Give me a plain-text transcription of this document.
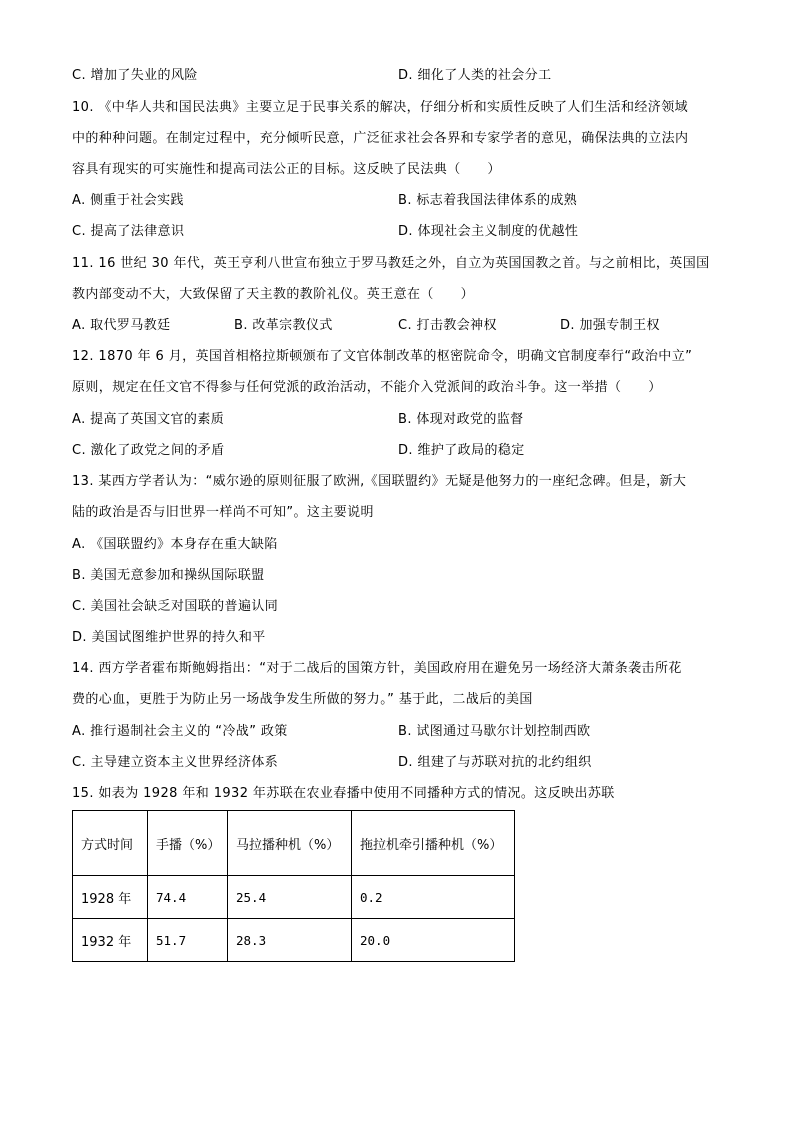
C. 增加了失业的风险	D. 细化了人类的社会分工
10. 《中华人共和国民法典》主要立足于民事关系的解决，仔细分析和实质性反映了人们生活和经济领域
中的种种问题。在制定过程中，充分倾听民意，广泛征求社会各界和专家学者的意见，确保法典的立法内
容具有现实的可实施性和提高司法公正的目标。这反映了民法典（　　）
A. 侧重于社会实践	B. 标志着我国法律体系的成熟
C. 提高了法律意识	D. 体现社会主义制度的优越性
11. 16 世纪 30 年代，英王亨利八世宣布独立于罗马教廷之外，自立为英国国教之首。与之前相比，英国国
教内部变动不大，大致保留了天主教的教阶礼仪。英王意在（　　）
A. 取代罗马教廷	B. 改革宗教仪式	C. 打击教会神权	D. 加强专制王权
12. 1870 年 6 月，英国首相格拉斯顿颁布了文官体制改革的枢密院命令，明确文官制度奉行“政治中立”
原则，规定在任文官不得参与任何党派的政治活动，不能介入党派间的政治斗争。这一举措（　　）
A. 提高了英国文官的素质	B. 体现对政党的监督
C. 激化了政党之间的矛盾	D. 维护了政局的稳定
13. 某西方学者认为：“威尔逊的原则征服了欧洲,《国联盟约》无疑是他努力的一座纪念碑。但是，新大
陆的政治是否与旧世界一样尚不可知”。这主要说明
A. 《国联盟约》本身存在重大缺陷
B. 美国无意参加和操纵国际联盟
C. 美国社会缺乏对国联的普遍认同
D. 美国试图维护世界的持久和平
14. 西方学者霍布斯鲍姆指出：“对于二战后的国策方针，美国政府用在避免另一场经济大萧条袭击所花
费的心血，更胜于为防止另一场战争发生所做的努力。” 基于此，二战后的美国
A. 推行遏制社会主义的 “冷战” 政策	B. 试图通过马歇尔计划控制西欧
C. 主导建立资本主义世界经济体系	D. 组建了与苏联对抗的北约组织
15. 如表为 1928 年和 1932 年苏联在农业春播中使用不同播种方式的情况。这反映出苏联
方式时间	手播（%）	马拉播种机（%）	拖拉机牵引播种机（%）
1928 年	74.4	25.4	0.2
1932 年	51.7	28.3	20.0
